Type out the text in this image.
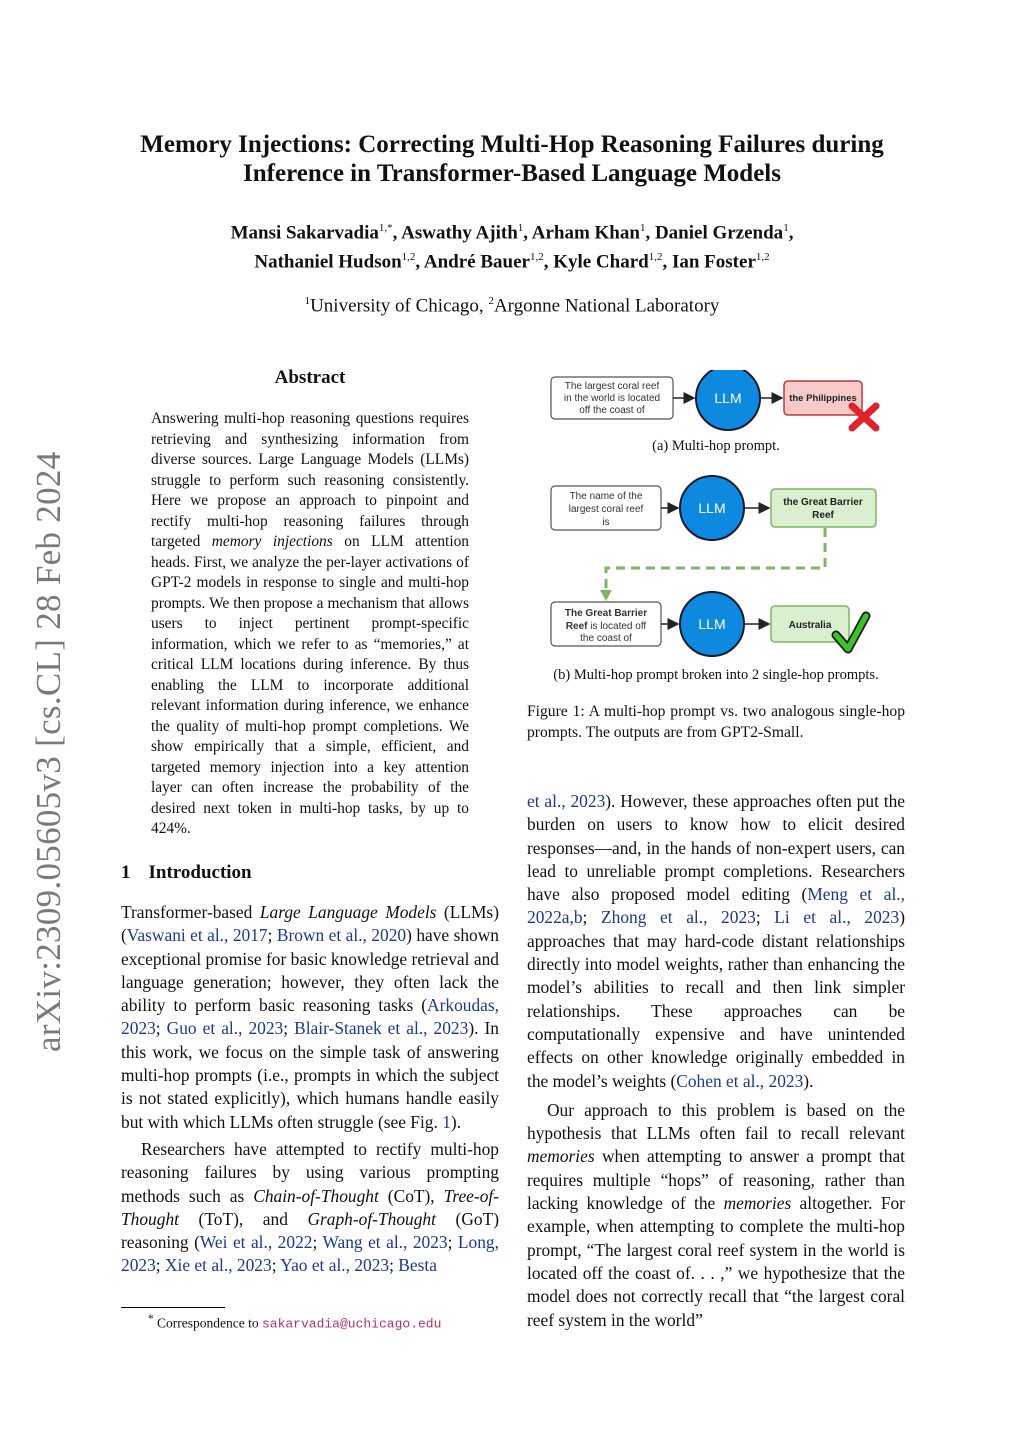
Memory Injections: Correcting Multi-Hop Reasoning Failures during
Inference in Transformer-Based Language Models
Mansi Sakarvadia$^{1,*}$, Aswathy Ajith$^1$, Arham Khan$^1$, Daniel Grzenda$^1$,
Nathaniel Hudson$^{1,2}$, André Bauer$^{1,2}$, Kyle Chard$^{1,2}$, Ian Foster$^{1,2}$
$^1$University of Chicago, $^2$Argonne National Laboratory
arXiv:2309.05605v3 [cs.CL] 28 Feb 2024
Abstract
Answering multi-hop reasoning questions requires retrieving and synthesizing information from diverse sources. Large Language Models (LLMs) struggle to perform such reasoning consistently. Here we propose an approach to pinpoint and rectify multi-hop reasoning failures through targeted memory injections on LLM attention heads. First, we analyze the per-layer activations of GPT-2 models in response to single and multi-hop prompts. We then propose a mechanism that allows users to inject pertinent prompt-specific information, which we refer to as “memories,” at critical LLM locations during inference. By thus enabling the LLM to incorporate additional relevant information during inference, we enhance the quality of multi-hop prompt completions. We show empirically that a simple, efficient, and targeted memory injection into a key attention layer can often increase the probability of the desired next token in multi-hop tasks, by up to 424%.
1 Introduction

Transformer-based Large Language Models (LLMs) (Vaswani et al., 2017; Brown et al., 2020) have shown exceptional promise for basic knowledge retrieval and language generation; however, they often lack the ability to perform basic reasoning tasks (Arkoudas, 2023; Guo et al., 2023; Blair-Stanek et al., 2023). In this work, we focus on the simple task of answering multi-hop prompts (i.e., prompts in which the subject is not stated explicitly), which humans handle easily but with which LLMs often struggle (see Fig. 1).

Researchers have attempted to rectify multi-hop reasoning failures by using various prompting methods such as Chain-of-Thought (CoT), Tree-of-Thought (ToT), and Graph-of-Thought (GoT) reasoning (Wei et al., 2022; Wang et al., 2023; Long, 2023; Xie et al., 2023; Yao et al., 2023; Besta

* Correspondence to sakarvadia@uchicago.edu
The largest coral reef
in the world is located
off the coast of
LLM	the Philippines
The name of the
largest coral reef
is
LLM	the Great Barrier
Reef
The Great Barrier
Reef is located off
the coast of
LLM	Australia
(a) Multi-hop prompt.
(b) Multi-hop prompt broken into 2 single-hop prompts.
Figure 1: A multi-hop prompt vs. two analogous single-hop prompts. The outputs are from GPT2-Small.

et al., 2023). However, these approaches often put the burden on users to know how to elicit desired responses—and, in the hands of non-expert users, can lead to unreliable prompt completions. Researchers have also proposed model editing (Meng et al., 2022a,b; Zhong et al., 2023; Li et al., 2023) approaches that may hard-code distant relationships directly into model weights, rather than enhancing the model’s abilities to recall and then link simpler relationships. These approaches can be computationally expensive and have unintended effects on other knowledge originally embedded in the model’s weights (Cohen et al., 2023).

Our approach to this problem is based on the hypothesis that LLMs often fail to recall relevant memories when attempting to answer a prompt that requires multiple “hops” of reasoning, rather than lacking knowledge of the memories altogether. For example, when attempting to complete the multi-hop prompt, “The largest coral reef system in the world is located off the coast of. . . ,” we hypothesize that the model does not correctly recall that “the largest coral reef system in the world”
